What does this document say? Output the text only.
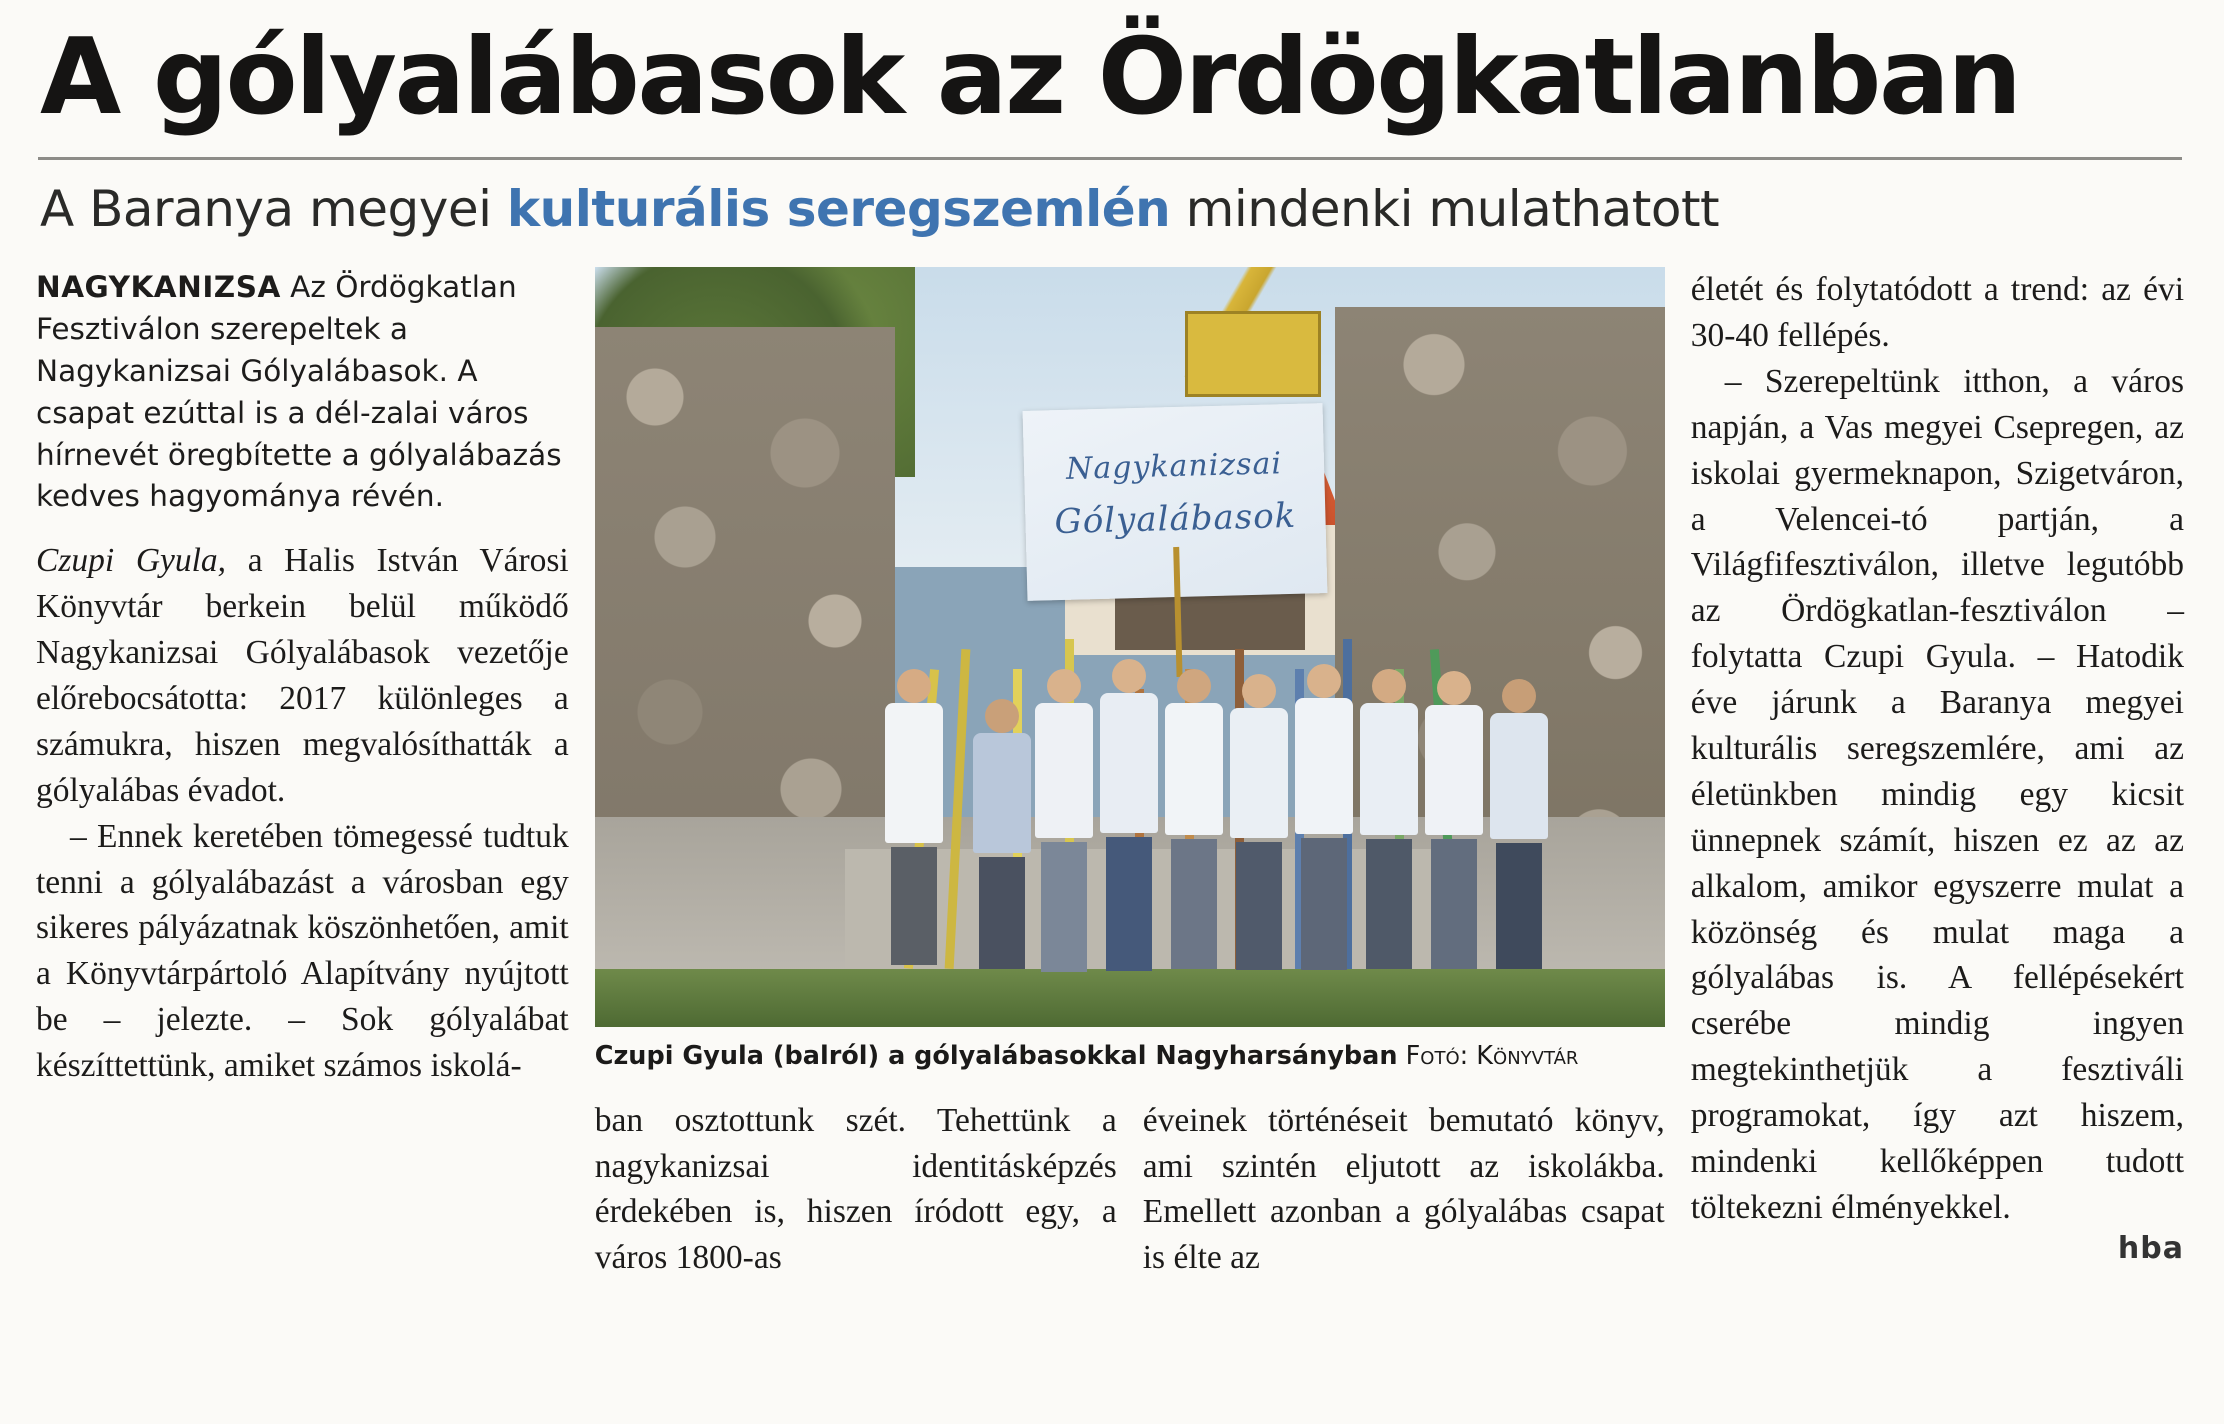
A gólyalábasok az Ördögkatlanban
A Baranya megyei kulturális seregszemlén mindenki mulathatott
NAGYKANIZSA Az Ördögkatlan Fesztiválon szerepeltek a Nagykanizsai Gólyalábasok. A csapat ezúttal is a dél-zalai város hírnevét öregbítette a gólyalábazás kedves hagyománya révén.

Czupi Gyula, a Halis István Városi Könyvtár berkein belül működő Nagykanizsai Gólyalábasok vezetője előrebocsátotta: 2017 különleges a számukra, hiszen megvalósíthatták a gólyalábas évadot.

– Ennek keretében tömegessé tudtuk tenni a gólyalábazást a városban egy sikeres pályázatnak köszönhetően, amit a Könyvtárpártoló Alapítvány nyújtott be – jelezte. – Sok gólyalábat készíttettünk, amiket számos iskolá-

Nagykanizsai
Gólyalábasok
Czupi Gyula (balról) a gólyalábasokkal Nagyharsányban Fotó: Könyvtár

ban osztottunk szét. Tehettünk a nagykanizsai identitásképzés érdekében is, hiszen íródott egy, a város 1800-as

éveinek történéseit bemutató könyv, ami szintén eljutott az iskolákba. Emellett azonban a gólyalábas csapat is élte az

életét és folytatódott a trend: az évi 30-40 fellépés.

– Szerepeltünk itthon, a város napján, a Vas megyei Csepregen, az iskolai gyermeknapon, Szigetváron, a Velencei-tó partján, a Világfifesztiválon, illetve legutóbb az Ördögkatlan-fesztiválon – folytatta Czupi Gyula. – Hatodik éve járunk a Baranya megyei kulturális seregszemlére, ami az életünkben mindig egy kicsit ünnepnek számít, hiszen ez az az alkalom, amikor egyszerre mulat a közönség és mulat maga a gólyalábas is. A fellépésekért cserébe mindig ingyen megtekinthetjük a fesztiváli programokat, így azt hiszem, mindenki kellőképpen tudott töltekezni élményekkel.

hba
